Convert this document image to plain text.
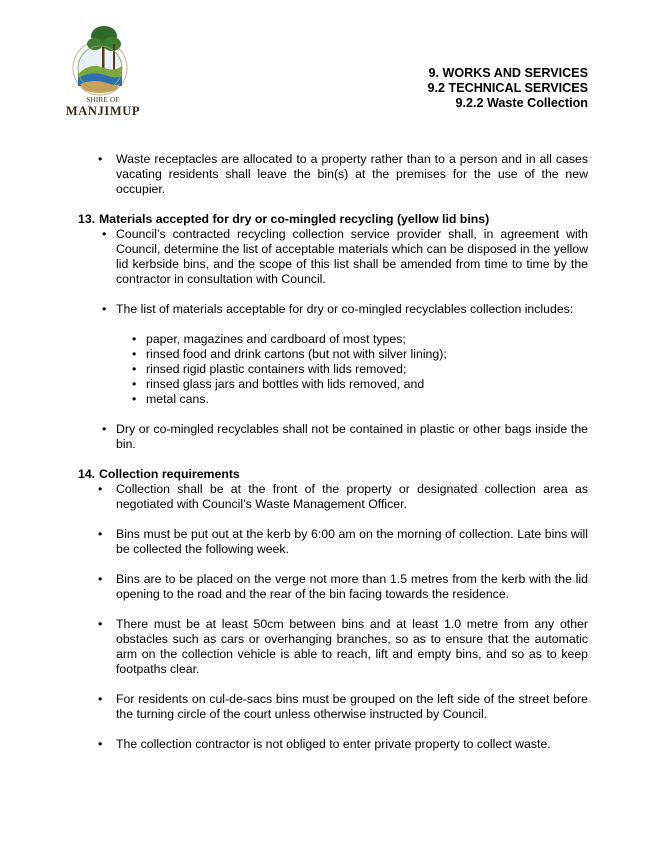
SHIRE OF
MANJIMUP
9. WORKS AND SERVICES
9.2 TECHNICAL SERVICES
9.2.2 Waste Collection
• Waste receptacles are allocated to a property rather than to a person and in all cases vacating residents shall leave the bin(s) at the premises for the use of the new occupier.
13. Materials accepted for dry or co-mingled recycling (yellow lid bins)
• Council’s contracted recycling collection service provider shall, in agreement with Council, determine the list of acceptable materials which can be disposed in the yellow lid kerbside bins, and the scope of this list shall be amended from time to time by the contractor in consultation with Council.
• The list of materials acceptable for dry or co-mingled recyclables collection includes:
• paper, magazines and cardboard of most types;
• rinsed food and drink cartons (but not with silver lining);
• rinsed rigid plastic containers with lids removed;
• rinsed glass jars and bottles with lids removed, and
• metal cans.
• Dry or co-mingled recyclables shall not be contained in plastic or other bags inside the bin.
14. Collection requirements
• Collection shall be at the front of the property or designated collection area as negotiated with Council’s Waste Management Officer.
• Bins must be put out at the kerb by 6:00 am on the morning of collection. Late bins will be collected the following week.
• Bins are to be placed on the verge not more than 1.5 metres from the kerb with the lid opening to the road and the rear of the bin facing towards the residence.
• There must be at least 50cm between bins and at least 1.0 metre from any other obstacles such as cars or overhanging branches, so as to ensure that the automatic arm on the collection vehicle is able to reach, lift and empty bins, and so as to keep footpaths clear.
• For residents on cul-de-sacs bins must be grouped on the left side of the street before the turning circle of the court unless otherwise instructed by Council.
• The collection contractor is not obliged to enter private property to collect waste.
